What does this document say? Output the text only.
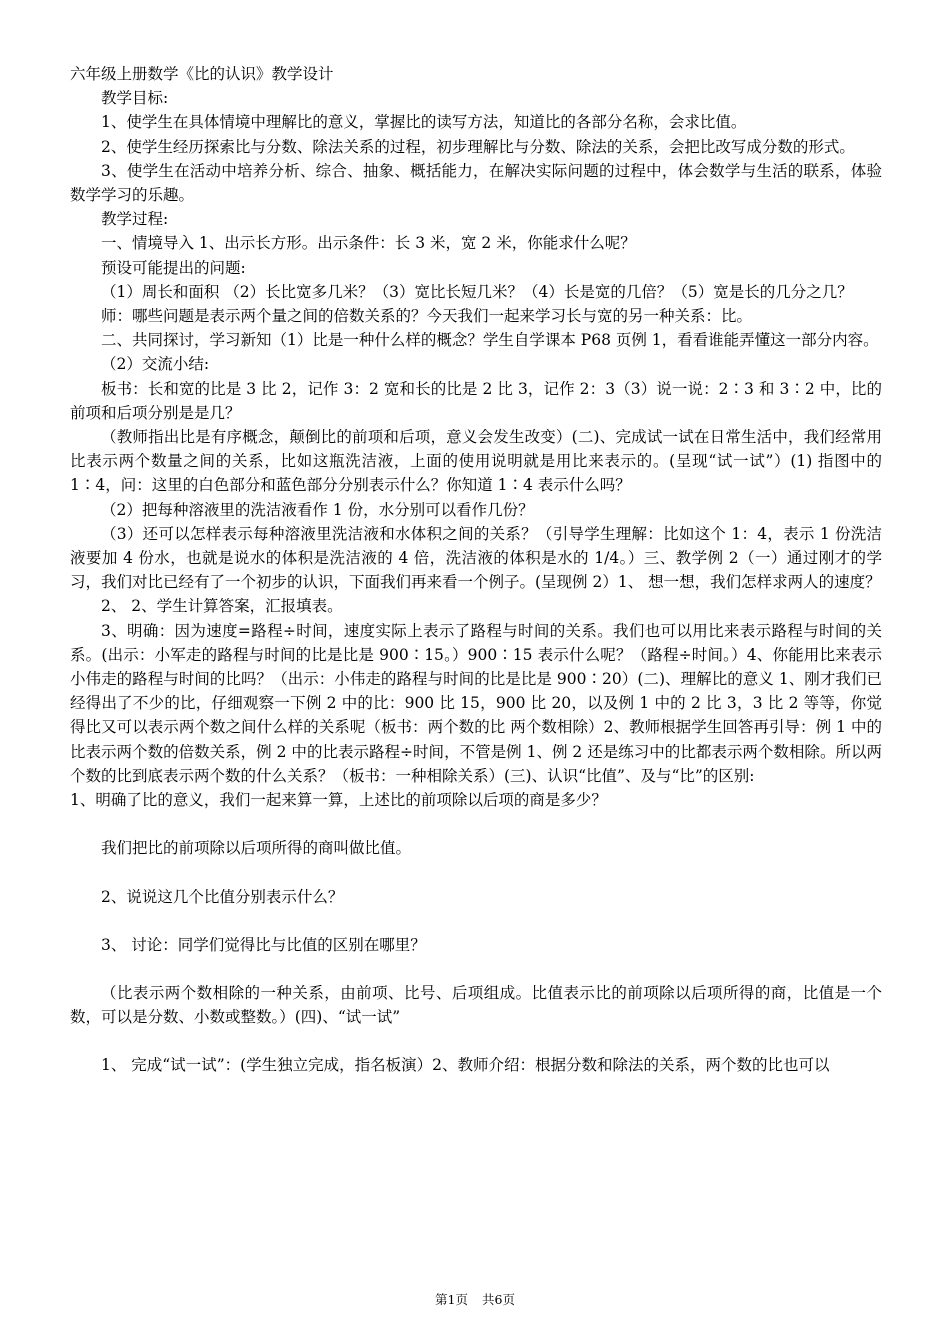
六年级上册数学《比的认识》教学设计

教学目标:

1、使学生在具体情境中理解比的意义，掌握比的读写方法，知道比的各部分名称，会求比值。

2、使学生经历探索比与分数、除法关系的过程，初步理解比与分数、除法的关系，会把比改写成分数的形式。

3、使学生在活动中培养分析、综合、抽象、概括能力，在解决实际问题的过程中，体会数学与生活的联系，体验数学学习的乐趣。

教学过程:

一、情境导入 1、出示长方形。出示条件：长 3 米，宽 2 米，你能求什么呢？

预设可能提出的问题:

（1）周长和面积 （2）长比宽多几米？（3）宽比长短几米？（4）长是宽的几倍？（5）宽是长的几分之几？

师：哪些问题是表示两个量之间的倍数关系的？今天我们一起来学习长与宽的另一种关系：比。

二、共同探讨，学习新知（1）比是一种什么样的概念？学生自学课本 P68 页例 1，看看谁能弄懂这一部分内容。

（2）交流小结:

板书：长和宽的比是 3 比 2，记作 3：2 宽和长的比是 2 比 3，记作 2：3（3）说一说：2∶3 和 3∶2 中，比的前项和后项分别是是几？

（教师指出比是有序概念，颠倒比的前项和后项，意义会发生改变）(二)、完成试一试在日常生活中，我们经常用比表示两个数量之间的关系，比如这瓶洗洁液，上面的使用说明就是用比来表示的。(呈现“试一试”）(1) 指图中的 1∶4，问：这里的白色部分和蓝色部分分别表示什么？你知道 1∶4 表示什么吗？

（2）把每种溶液里的洗洁液看作 1 份，水分别可以看作几份？

（3）还可以怎样表示每种溶液里洗洁液和水体积之间的关系？（引导学生理解：比如这个 1：4，表示 1 份洗洁液要加 4 份水，也就是说水的体积是洗洁液的 4 倍，洗洁液的体积是水的 1/4。）三、教学例 2（一）通过刚才的学习，我们对比已经有了一个初步的认识，下面我们再来看一个例子。(呈现例 2）1、 想一想，我们怎样求两人的速度？

2、 2、学生计算答案，汇报填表。

3、明确：因为速度=路程÷时间，速度实际上表示了路程与时间的关系。我们也可以用比来表示路程与时间的关系。(出示：小军走的路程与时间的比是比是 900∶15。）900∶15 表示什么呢？（路程÷时间。）4、你能用比来表示小伟走的路程与时间的比吗？（出示：小伟走的路程与时间的比是比是 900∶20）(二)、理解比的意义 1、刚才我们已经得出了不少的比，仔细观察一下例 2 中的比：900 比 15，900 比 20，以及例 1 中的 2 比 3，3 比 2 等等，你觉得比又可以表示两个数之间什么样的关系呢（板书：两个数的比 两个数相除）2、教师根据学生回答再引导：例 1 中的比表示两个数的倍数关系，例 2 中的比表示路程÷时间，不管是例 1、例 2 还是练习中的比都表示两个数相除。所以两个数的比到底表示两个数的什么关系？（板书：一种相除关系）(三)、认识“比值”、及与“比”的区别:

1、明确了比的意义，我们一起来算一算，上述比的前项除以后项的商是多少？

我们把比的前项除以后项所得的商叫做比值。

2、说说这几个比值分别表示什么？

3、 讨论：同学们觉得比与比值的区别在哪里？

（比表示两个数相除的一种关系，由前项、比号、后项组成。比值表示比的前项除以后项所得的商，比值是一个数，可以是分数、小数或整数。）(四)、“试一试”

1、 完成“试一试”：(学生独立完成，指名板演）2、教师介绍：根据分数和除法的关系，两个数的比也可以

第1页 共6页
